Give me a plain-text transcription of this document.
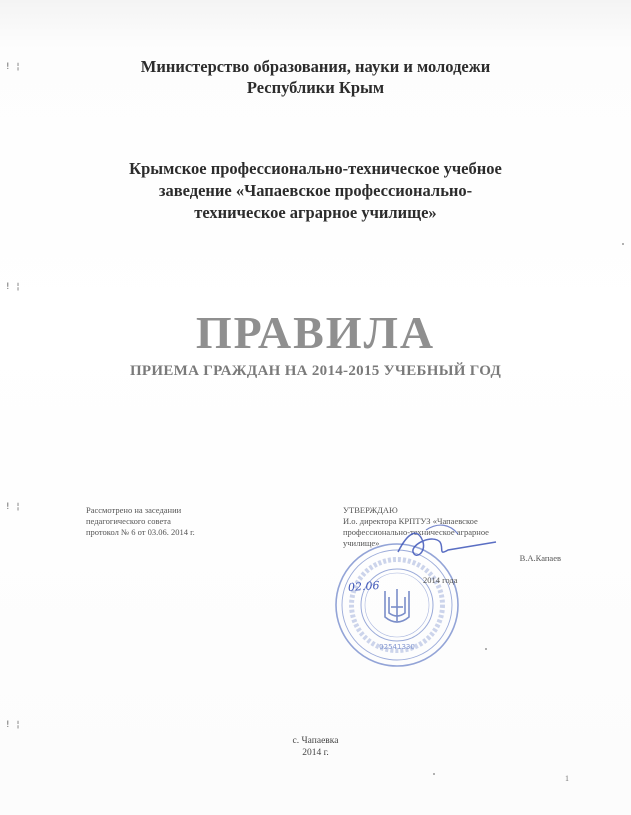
! ¦
! ¦
! ¦
! ¦
Министерство образования, науки и молодежи
Республики Крым
Крымское профессионально-техническое учебное
заведение «Чапаевское профессионально-
техническое аграрное училище»
ПРАВИЛА
ПРИЕМА ГРАЖДАН НА 2014-2015 УЧЕБНЫЙ ГОД
Рассмотрено на заседании
педагогического совета
протокол № 6 от 03.06. 2014 г.
02541330
УТВЕРЖДАЮ
И.о. директора КРПТУЗ «Чапаевское
профессионально-техническое аграрное
училище»
В.А.Капаев
2014 года
02.06
с. Чапаевка
2014 г.
1
